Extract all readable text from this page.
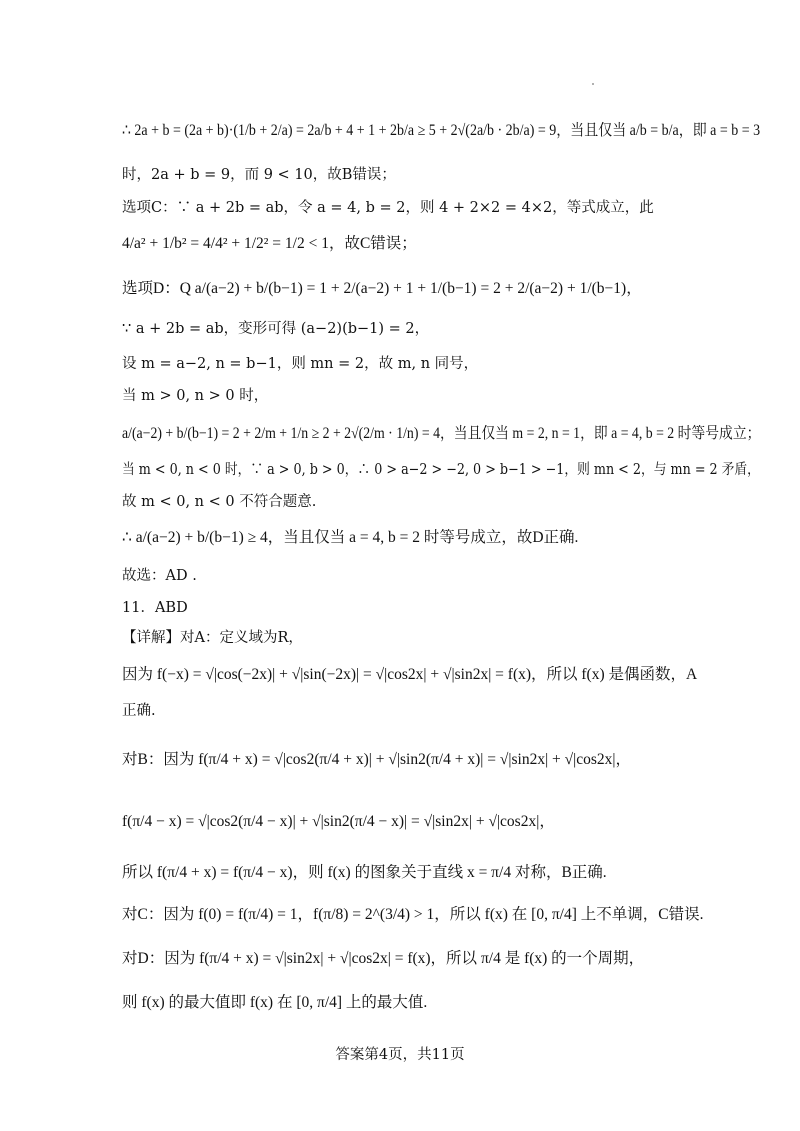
∴ 2a + b = (2a + b)·(1/b + 2/a) = 2a/b + 4 + 1 + 2b/a ≥ 5 + 2√(2a/b · 2b/a) = 9，当且仅当 a/b = b/a，即 a = b = 3
时，2a + b = 9，而 9 < 10，故B错误；
选项C：∵ a + 2b = ab，令 a = 4, b = 2，则 4 + 2×2 = 4×2，等式成立，此
4/a² + 1/b² = 4/4² + 1/2² = 1/2 < 1，故C错误；
选项D：Q a/(a−2) + b/(b−1) = 1 + 2/(a−2) + 1 + 1/(b−1) = 2 + 2/(a−2) + 1/(b−1)，
∵ a + 2b = ab，变形可得 (a−2)(b−1) = 2，
设 m = a−2, n = b−1，则 mn = 2，故 m, n 同号，
当 m > 0, n > 0 时，
a/(a−2) + b/(b−1) = 2 + 2/m + 1/n ≥ 2 + 2√(2/m · 1/n) = 4，当且仅当 m = 2, n = 1，即 a = 4, b = 2 时等号成立；
当 m < 0, n < 0 时，∵ a > 0, b > 0，∴ 0 > a−2 > −2, 0 > b−1 > −1，则 mn < 2，与 mn = 2 矛盾，
故 m < 0, n < 0 不符合题意.
∴ a/(a−2) + b/(b−1) ≥ 4，当且仅当 a = 4, b = 2 时等号成立，故D正确.
故选：AD .
11．ABD
【详解】对A：定义域为R，
因为 f(−x) = √|cos(−2x)| + √|sin(−2x)| = √|cos2x| + √|sin2x| = f(x)，所以 f(x) 是偶函数，A
正确.
对B：因为 f(π/4 + x) = √|cos2(π/4 + x)| + √|sin2(π/4 + x)| = √|sin2x| + √|cos2x|，
f(π/4 − x) = √|cos2(π/4 − x)| + √|sin2(π/4 − x)| = √|sin2x| + √|cos2x|，
所以 f(π/4 + x) = f(π/4 − x)，则 f(x) 的图象关于直线 x = π/4 对称，B正确.
对C：因为 f(0) = f(π/4) = 1，f(π/8) = 2^(3/4) > 1，所以 f(x) 在 [0, π/4] 上不单调，C错误.
对D：因为 f(π/4 + x) = √|sin2x| + √|cos2x| = f(x)，所以 π/4 是 f(x) 的一个周期，
则 f(x) 的最大值即 f(x) 在 [0, π/4] 上的最大值.
答案第4页，共11页
